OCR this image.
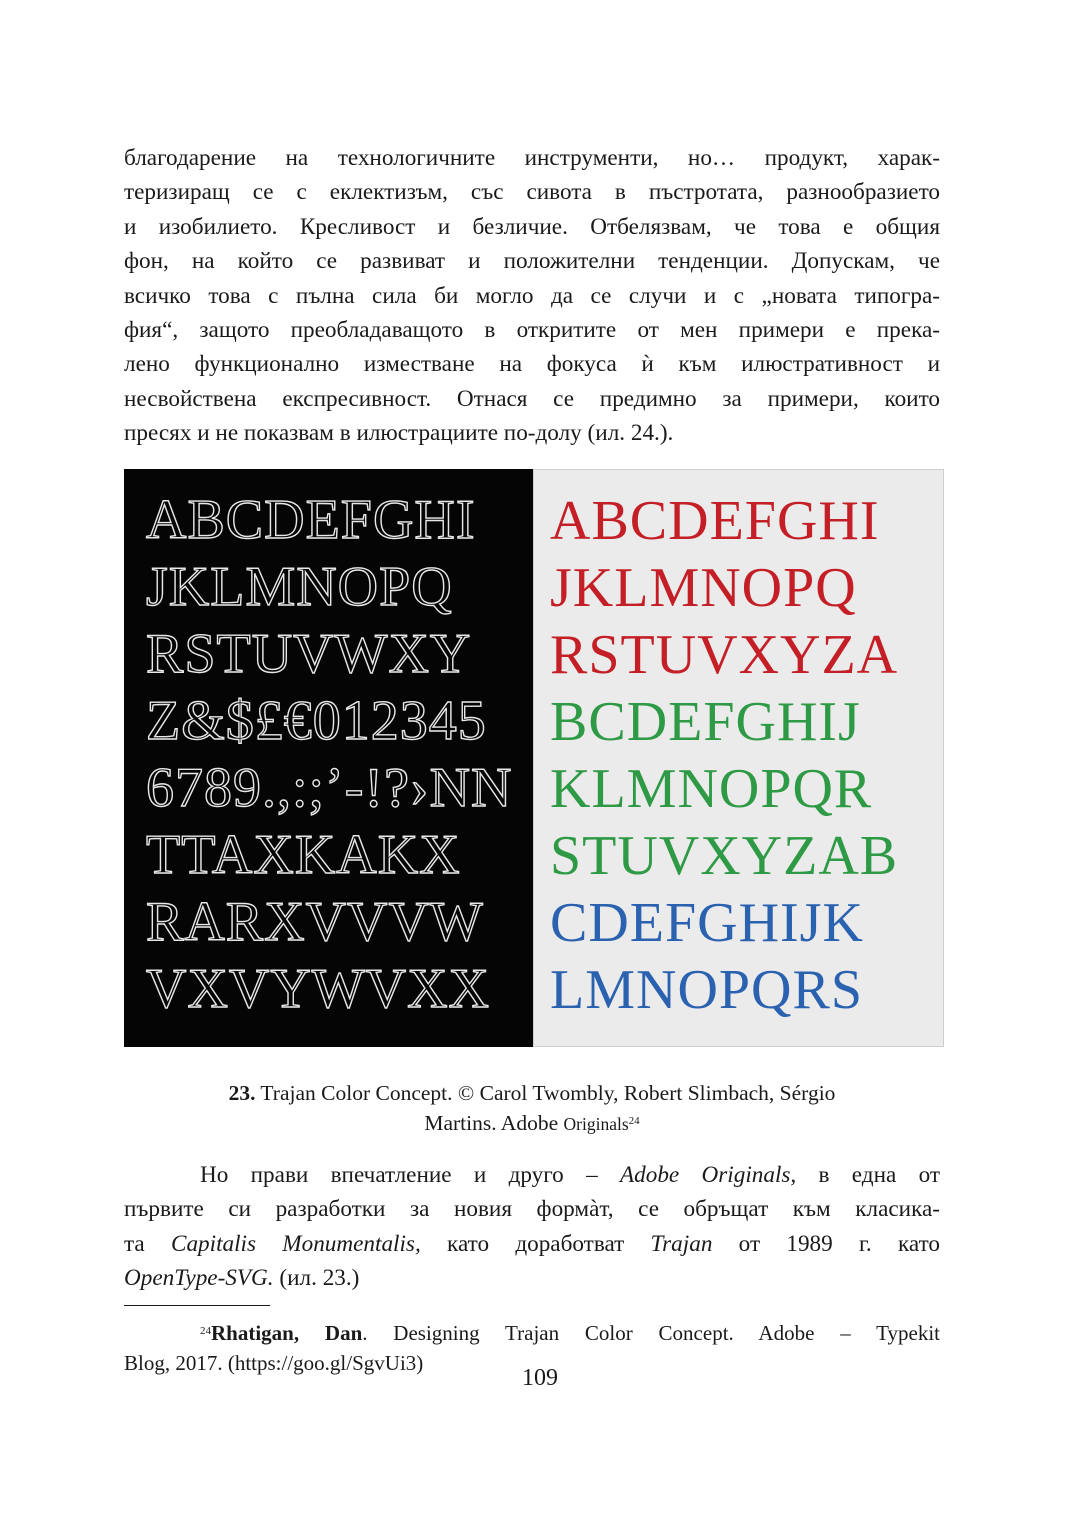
благодарение на технологичните инструменти, но… продукт, харак-
теризиращ се с еклектизъм, със сивота в пъстротата, разнообразието
и изобилието. Кресливост и безличие. Отбелязвам, че това е общия
фон, на който се развиват и положителни тенденции. Допускам, че
всичко това с пълна сила би могло да се случи и с „новата типогра-
фия“, защото преобладаващото в откритите от мен примери е прека-
лено функционално изместване на фокуса ѝ към илюстративност и
несвойствена експресивност. Отнася се предимно за примери, които
пресях и не показвам в илюстрациите по-долу (ил. 24.).
ABCDEFGHI
JKLMNOPQ
RSTUVWXY
Z&$£€012345
6789.,:;’-!?›NN
TTAXKAKX
RARXVVVW
VXVYWVXX
ABCDEFGHI
JKLMNOPQ
RSTUVXYZA
BCDEFGHIJ
KLMNOPQR
STUVXYZAB
CDEFGHIJK
LMNOPQRS
23. Trajan Color Concept. © Carol Twombly, Robert Slimbach, Sérgio
Martins. Adobe Originals$^{24}$
Но прави впечатление и друго – Adobe Originals, в една от
първите си разработки за новия формàт, се обръщат към класика-
та Capitalis Monumentalis, като доработват Trajan от 1989 г. като
OpenType-SVG. (ил. 23.)
$^{24}$Rhatigan, Dan. Designing Trajan Color Concept. Adobe – Typekit
Blog, 2017. (https://goo.gl/SgvUi3)
109
